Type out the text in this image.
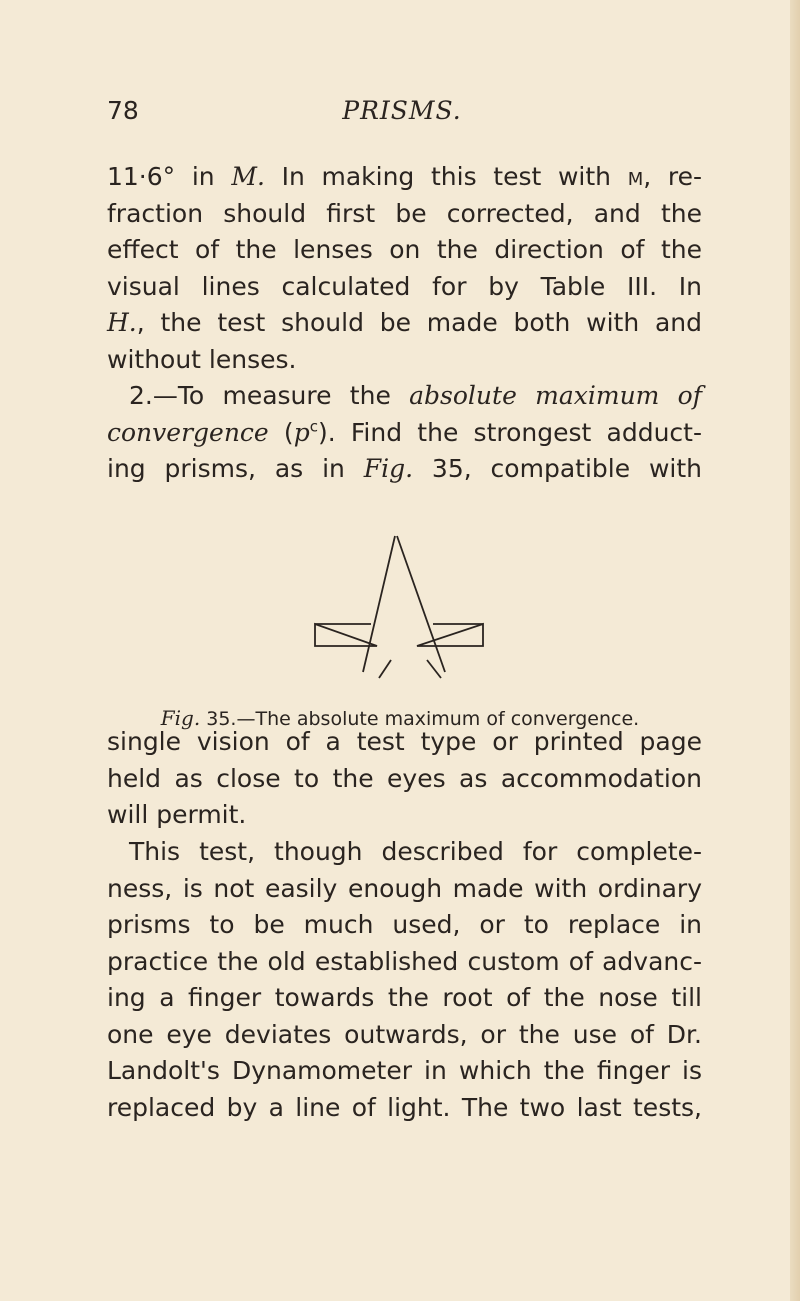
78	PRISMS.
11·6° in M. In making this test with m, re-
fraction should first be corrected, and the
effect of the lenses on the direction of the
visual lines calculated for by Table III. In
H., the test should be made both with and
without lenses.
2.—To measure the absolute maximum of
convergence $(p^c)$. Find the strongest adduct-
ing prisms, as in Fig. 35, compatible with
Fig. 35.—The absolute maximum of convergence.
single vision of a test type or printed page
held as close to the eyes as accommodation
will permit.
This test, though described for complete-
ness, is not easily enough made with ordinary
prisms to be much used, or to replace in
practice the old established custom of advanc-
ing a finger towards the root of the nose till
one eye deviates outwards, or the use of Dr.
Landolt's Dynamometer in which the finger is
replaced by a line of light. The two last tests,
